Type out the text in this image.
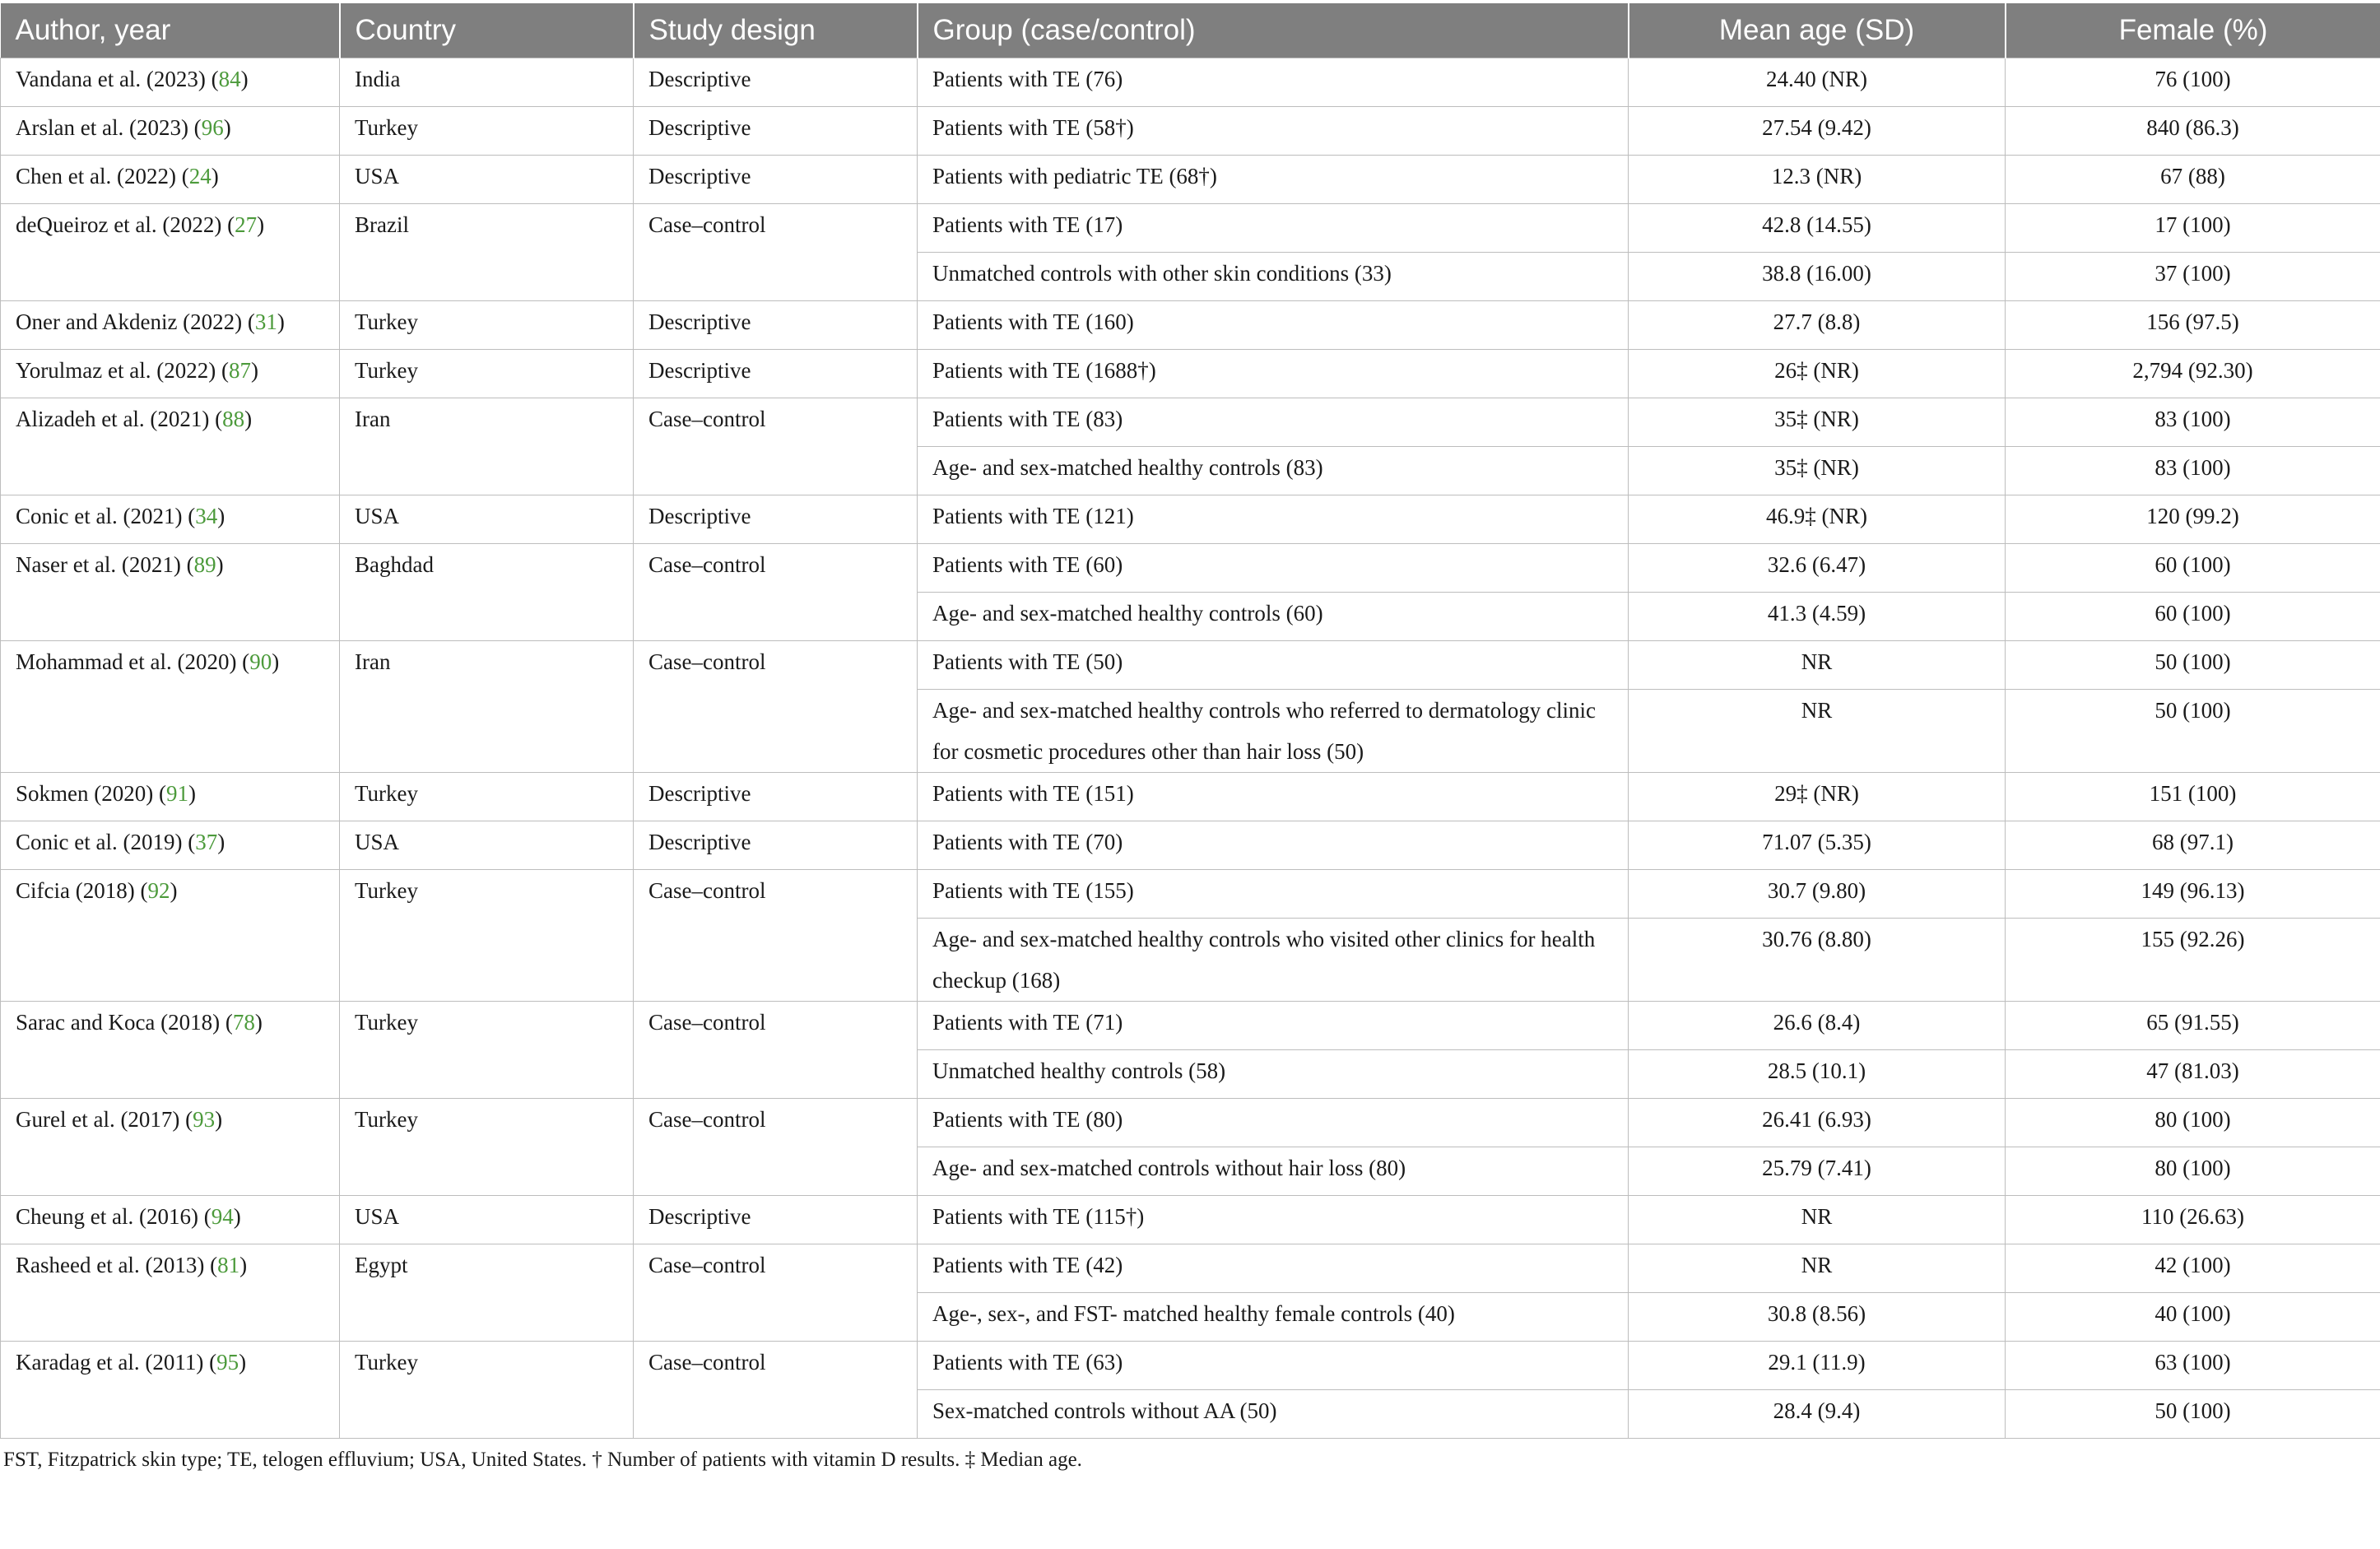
Author, year	Country	Study design	Group (case/control)	Mean age (SD)	Female (%)
Vandana et al. (2023) (84)	India	Descriptive	Patients with TE (76)	24.40 (NR)	76 (100)
Arslan et al. (2023) (96)	Turkey	Descriptive	Patients with TE (58†)	27.54 (9.42)	840 (86.3)
Chen et al. (2022) (24)	USA	Descriptive	Patients with pediatric TE (68†)	12.3 (NR)	67 (88)
deQueiroz et al. (2022) (27)	Brazil	Case–control	Patients with TE (17)	42.8 (14.55)	17 (100)
			Unmatched controls with other skin conditions (33)	38.8 (16.00)	37 (100)
Oner and Akdeniz (2022) (31)	Turkey	Descriptive	Patients with TE (160)	27.7 (8.8)	156 (97.5)
Yorulmaz et al. (2022) (87)	Turkey	Descriptive	Patients with TE (1688†)	26‡ (NR)	2,794 (92.30)
Alizadeh et al. (2021) (88)	Iran	Case–control	Patients with TE (83)	35‡ (NR)	83 (100)
			Age- and sex-matched healthy controls (83)	35‡ (NR)	83 (100)
Conic et al. (2021) (34)	USA	Descriptive	Patients with TE (121)	46.9‡ (NR)	120 (99.2)
Naser et al. (2021) (89)	Baghdad	Case–control	Patients with TE (60)	32.6 (6.47)	60 (100)
			Age- and sex-matched healthy controls (60)	41.3 (4.59)	60 (100)
Mohammad et al. (2020) (90)	Iran	Case–control	Patients with TE (50)	NR	50 (100)
			Age- and sex-matched healthy controls who referred to dermatology clinic for cosmetic procedures other than hair loss (50)	NR	50 (100)
Sokmen (2020) (91)	Turkey	Descriptive	Patients with TE (151)	29‡ (NR)	151 (100)
Conic et al. (2019) (37)	USA	Descriptive	Patients with TE (70)	71.07 (5.35)	68 (97.1)
Cifcia (2018) (92)	Turkey	Case–control	Patients with TE (155)	30.7 (9.80)	149 (96.13)
			Age- and sex-matched healthy controls who visited other clinics for health checkup (168)	30.76 (8.80)	155 (92.26)
Sarac and Koca (2018) (78)	Turkey	Case–control	Patients with TE (71)	26.6 (8.4)	65 (91.55)
			Unmatched healthy controls (58)	28.5 (10.1)	47 (81.03)
Gurel et al. (2017) (93)	Turkey	Case–control	Patients with TE (80)	26.41 (6.93)	80 (100)
			Age- and sex-matched controls without hair loss (80)	25.79 (7.41)	80 (100)
Cheung et al. (2016) (94)	USA	Descriptive	Patients with TE (115†)	NR	110 (26.63)
Rasheed et al. (2013) (81)	Egypt	Case–control	Patients with TE (42)	NR	42 (100)
			Age-, sex-, and FST- matched healthy female controls (40)	30.8 (8.56)	40 (100)
Karadag et al. (2011) (95)	Turkey	Case–control	Patients with TE (63)	29.1 (11.9)	63 (100)
			Sex-matched controls without AA (50)	28.4 (9.4)	50 (100)
FST, Fitzpatrick skin type; TE, telogen effluvium; USA, United States. † Number of patients with vitamin D results. ‡ Median age.
